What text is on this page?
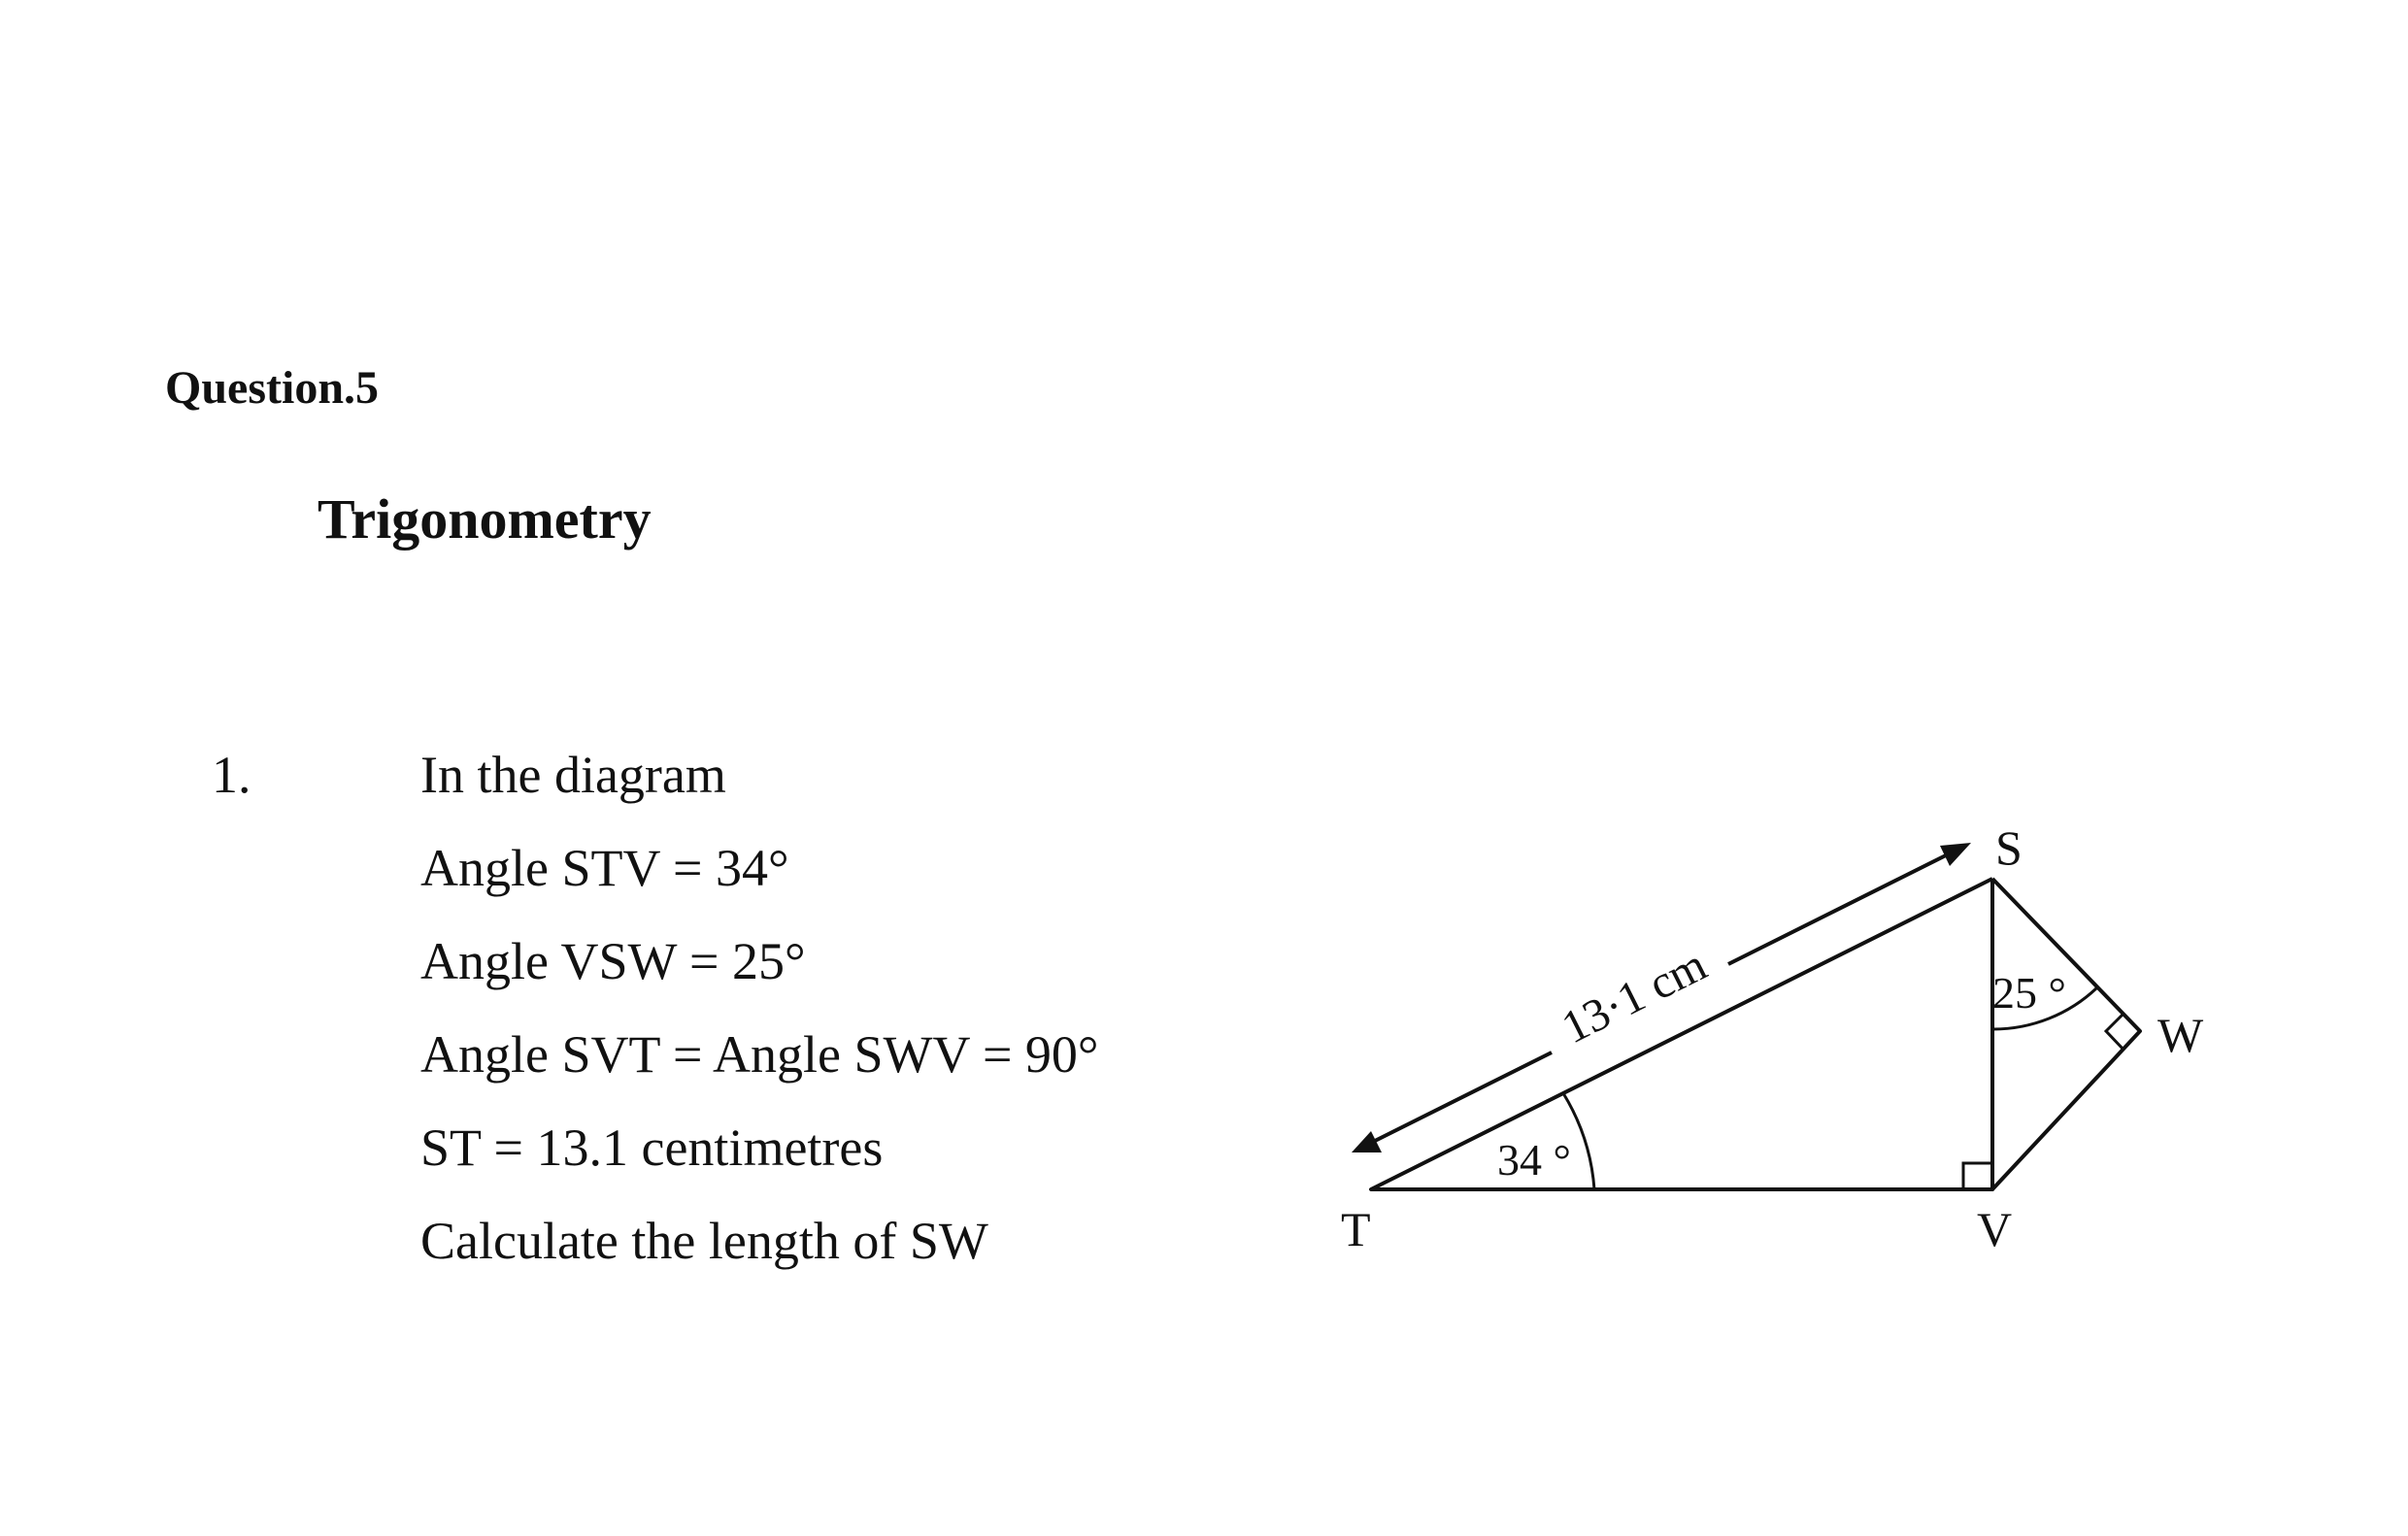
Question.5
Trigonometry
1.	In the diagram
Angle STV = 34°
Angle VSW = 25°
Angle SVT = Angle SWV = 90°
ST = 13.1 centimetres
Calculate the length of SW
13·1 cm
34 °
25 °
S
W
T	V
